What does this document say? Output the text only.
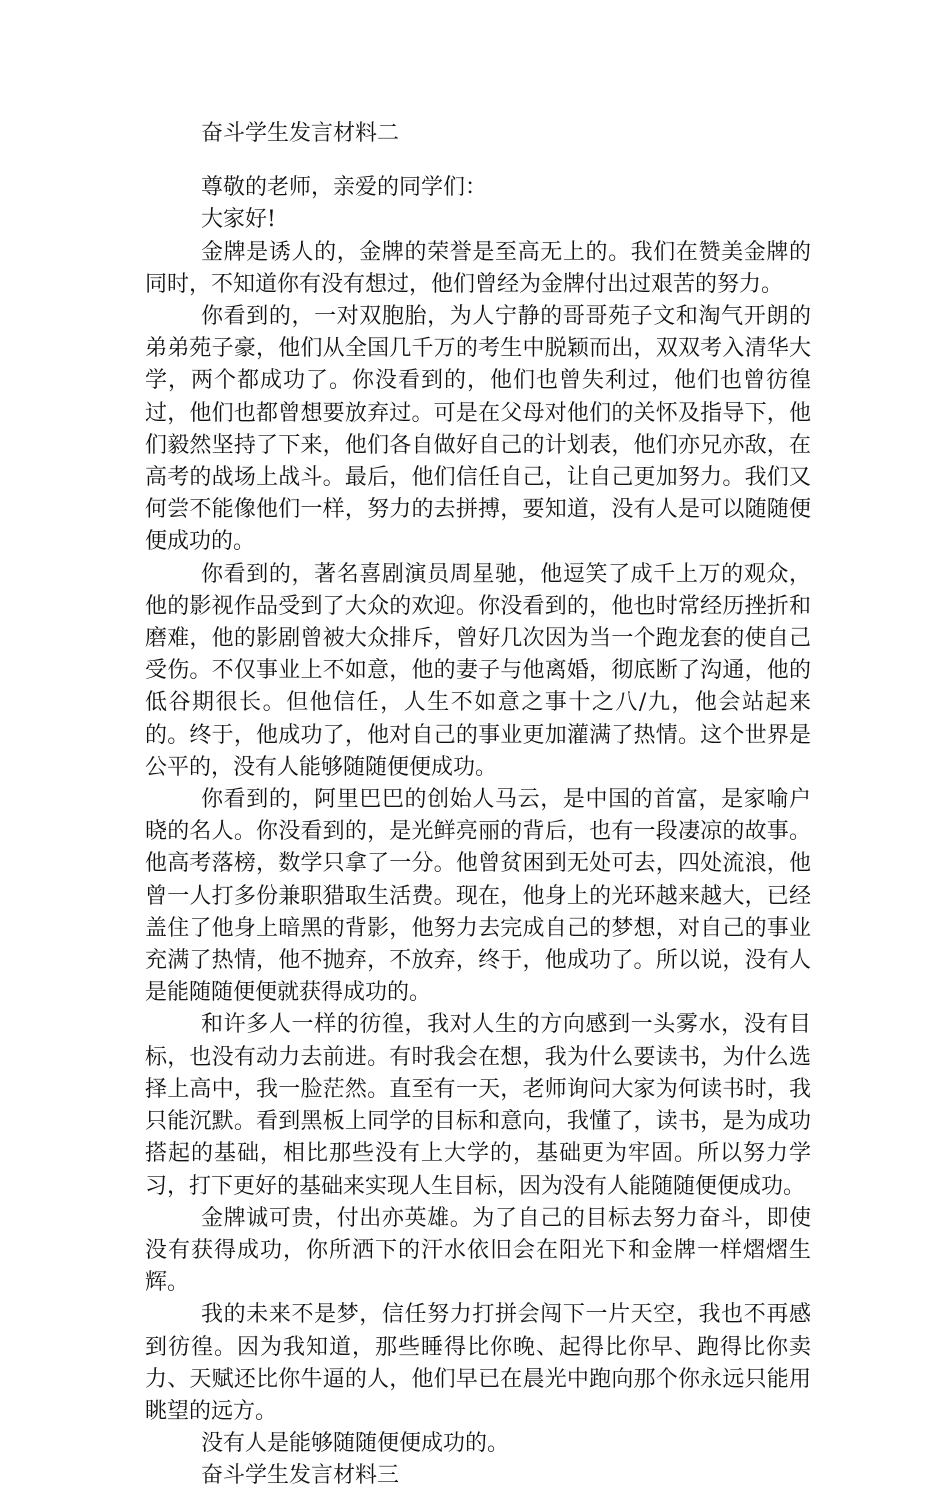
奋斗学生发言材料二

尊敬的老师，亲爱的同学们：

大家好!

金牌是诱人的，金牌的荣誉是至高无上的。我们在赞美金牌的同时，不知道你有没有想过，他们曾经为金牌付出过艰苦的努力。

你看到的，一对双胞胎，为人宁静的哥哥苑子文和淘气开朗的弟弟苑子豪，他们从全国几千万的考生中脱颖而出，双双考入清华大学，两个都成功了。你没看到的，他们也曾失利过，他们也曾彷徨过，他们也都曾想要放弃过。可是在父母对他们的关怀及指导下，他们毅然坚持了下来，他们各自做好自己的计划表，他们亦兄亦敌，在高考的战场上战斗。最后，他们信任自己，让自己更加努力。我们又何尝不能像他们一样，努力的去拼搏，要知道，没有人是可以随随便便成功的。

你看到的，著名喜剧演员周星驰，他逗笑了成千上万的观众，他的影视作品受到了大众的欢迎。你没看到的，他也时常经历挫折和磨难，他的影剧曾被大众排斥，曾好几次因为当一个跑龙套的使自己受伤。不仅事业上不如意，他的妻子与他离婚，彻底断了沟通，他的低谷期很长。但他信任，人生不如意之事十之八/九，他会站起来的。终于，他成功了，他对自己的事业更加灌满了热情。这个世界是公平的，没有人能够随随便便成功。

你看到的，阿里巴巴的创始人马云，是中国的首富，是家喻户晓的名人。你没看到的，是光鲜亮丽的背后，也有一段凄凉的故事。他高考落榜，数学只拿了一分。他曾贫困到无处可去，四处流浪，他曾一人打多份兼职猎取生活费。现在，他身上的光环越来越大，已经盖住了他身上暗黑的背影，他努力去完成自己的梦想，对自己的事业充满了热情，他不抛弃，不放弃，终于，他成功了。所以说，没有人是能随随便便就获得成功的。

和许多人一样的彷徨，我对人生的方向感到一头雾水，没有目标，也没有动力去前进。有时我会在想，我为什么要读书，为什么选择上高中，我一脸茫然。直至有一天，老师询问大家为何读书时，我只能沉默。看到黑板上同学的目标和意向，我懂了，读书，是为成功搭起的基础，相比那些没有上大学的，基础更为牢固。所以努力学习，打下更好的基础来实现人生目标，因为没有人能随随便便成功。

金牌诚可贵，付出亦英雄。为了自己的目标去努力奋斗，即使没有获得成功，你所洒下的汗水依旧会在阳光下和金牌一样熠熠生辉。

我的未来不是梦，信任努力打拼会闯下一片天空，我也不再感到彷徨。因为我知道，那些睡得比你晚、起得比你早、跑得比你卖力、天赋还比你牛逼的人，他们早已在晨光中跑向那个你永远只能用眺望的远方。

没有人是能够随随便便成功的。

奋斗学生发言材料三
